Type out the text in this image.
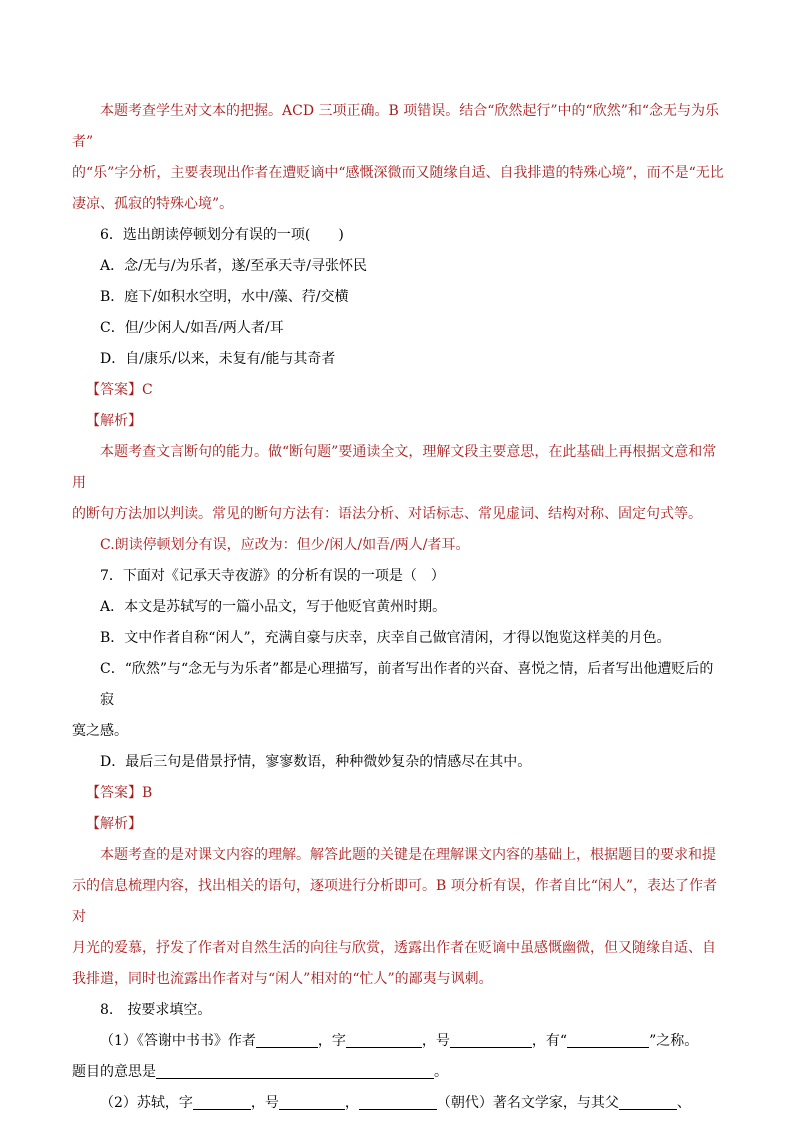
本题考查学生对文本的把握。ACD 三项正确。B 项错误。结合“欣然起行”中的“欣然”和“念无与为乐者”

的“乐”字分析，主要表现出作者在遭贬谪中“感慨深微而又随缘自适、自我排遣的特殊心境”，而不是“无比

凄凉、孤寂的特殊心境”。

6．选出朗读停顿划分有误的一项(　　)

A．念/无与/为乐者，遂/至承天寺/寻张怀民

B．庭下/如积水空明，水中/藻、荇/交横

C．但/少闲人/如吾/两人者/耳

D．自/康乐/以来，未复有/能与其奇者

【答案】C

【解析】

本题考查文言断句的能力。做“断句题”要通读全文，理解文段主要意思，在此基础上再根据文意和常用

的断句方法加以判读。常见的断句方法有：语法分析、对话标志、常见虚词、结构对称、固定句式等。

C.朗读停顿划分有误，应改为：但少/闲人/如吾/两人/者耳。

7．下面对《记承天寺夜游》的分析有误的一项是（　）

A．本文是苏轼写的一篇小品文，写于他贬官黄州时期。

B．文中作者自称“闲人”，充满自豪与庆幸，庆幸自己做官清闲，才得以饱览这样美的月色。

C．“欣然”与“念无与为乐者”都是心理描写，前者写出作者的兴奋、喜悦之情，后者写出他遭贬后的寂

寞之感。

D．最后三句是借景抒情，寥寥数语，种种微妙复杂的情感尽在其中。

【答案】B

【解析】

本题考查的是对课文内容的理解。解答此题的关键是在理解课文内容的基础上，根据题目的要求和提

示的信息梳理内容，找出相关的语句，逐项进行分析即可。B 项分析有误，作者自比“闲人”，表达了作者对

月光的爱慕，抒发了作者对自然生活的向往与欣赏，透露出作者在贬谪中虽感慨幽微，但又随缘自适、自

我排遣，同时也流露出作者对与“闲人”相对的“忙人”的鄙夷与讽刺。

8.　按要求填空。

（1）《答谢中书书》作者	，字	，号	，有“	”之称。

题目的意思是	。

（2）苏轼，字	，号	，	（朝代）著名文学家，与其父	、
